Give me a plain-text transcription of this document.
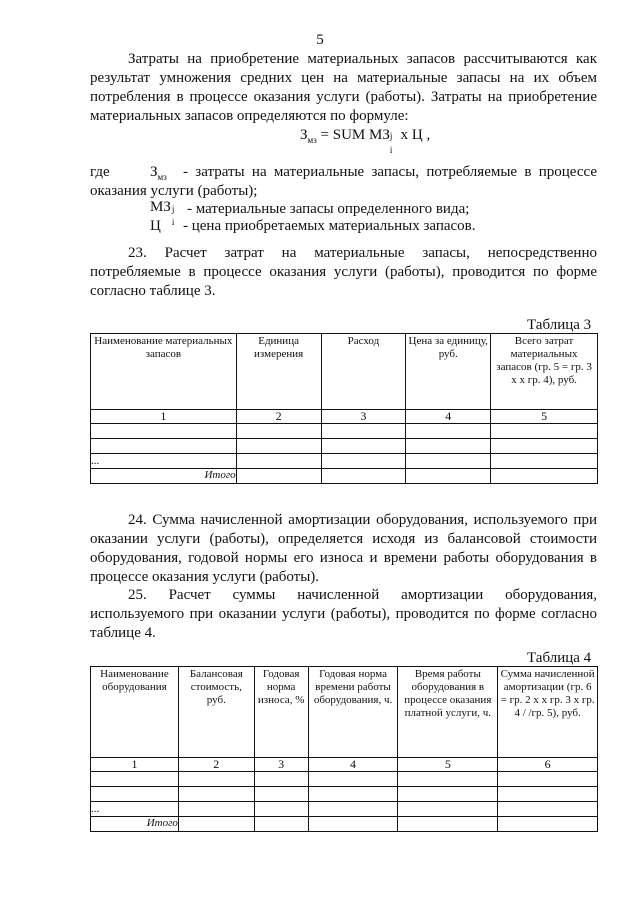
5
Затраты на приобретение материальных запасов рассчитываются как результат умножения средних цен на материальные запасы на их объем потребления в процессе оказания услуги (работы). Затраты на приобретение материальных запасов определяются по формуле:
$З_{мз}$ = SUM МЗ j
i
x Ц ,
где	$З_{мз}$ - затраты на материальные запасы, потребляемые в процессе
оказания услуги (работы);
МЗ j
i
- материальные запасы определенного вида;
Ц - цена приобретаемых материальных запасов.
23. Расчет затрат на материальные запасы, непосредственно потребляемые в процессе оказания услуги (работы), проводится по форме согласно таблице 3.
Таблица 3
Наименование материальных запасов	Единица измерения	Расход	Цена за единицу, руб.	Всего затрат материальных запасов (гр. 5 = гр. 3 x x гр. 4), руб.
1	2	3	4	5

...				
Итого				
24. Сумма начисленной амортизации оборудования, используемого при оказании услуги (работы), определяется исходя из балансовой стоимости оборудования, годовой нормы его износа и времени работы оборудования в процессе оказания услуги (работы).
25. Расчет суммы начисленной амортизации оборудования, используемого при оказании услуги (работы), проводится по форме согласно таблице 4.
Таблица 4
Наименование оборудования	Балансовая стоимость, руб.	Годовая норма износа, %	Годовая норма времени работы оборудования, ч.	Время работы оборудования в процессе оказания платной услуги, ч.	Сумма начисленной амортизации (гр. 6 = гр. 2 x x гр. 3 x гр. 4 / /гр. 5), руб.
1	2	3	4	5	6

...					
Итого					
